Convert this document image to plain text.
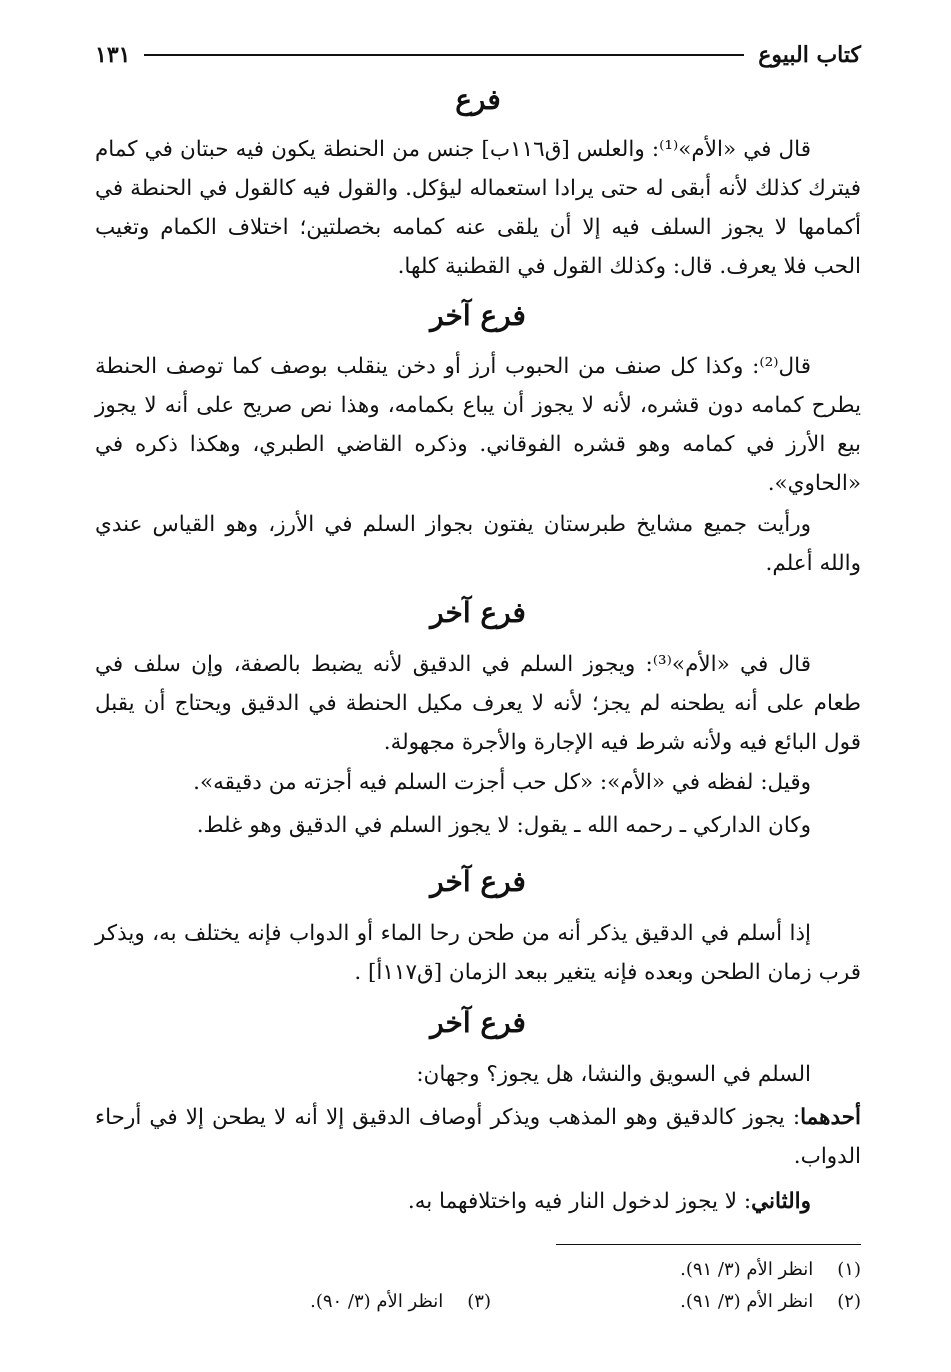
كتاب البيوع
١٣١
فرع

قال في «الأم»⁽¹⁾: والعلس [ق١١٦ب] جنس من الحنطة يكون فيه حبتان في كمام فيترك كذلك لأنه أبقى له حتى يرادا استعماله ليؤكل. والقول فيه كالقول في الحنطة في أكمامها لا يجوز السلف فيه إلا أن يلقى عنه كمامه بخصلتين؛ اختلاف الكمام وتغيب الحب فلا يعرف. قال: وكذلك القول في القطنية كلها.

فرع آخر

قال⁽²⁾: وكذا كل صنف من الحبوب أرز أو دخن ينقلب بوصف كما توصف الحنطة يطرح كمامه دون قشره، لأنه لا يجوز أن يباع بكمامه، وهذا نص صريح على أنه لا يجوز بيع الأرز في كمامه وهو قشره الفوقاني. وذكره القاضي الطبري، وهكذا ذكره في «الحاوي».

ورأيت جميع مشايخ طبرستان يفتون بجواز السلم في الأرز، وهو القياس عندي والله أعلم.

فرع آخر

قال في «الأم»⁽³⁾: ويجوز السلم في الدقيق لأنه يضبط بالصفة، وإن سلف في طعام على أنه يطحنه لم يجز؛ لأنه لا يعرف مكيل الحنطة في الدقيق ويحتاج أن يقبل قول البائع فيه ولأنه شرط فيه الإجارة والأجرة مجهولة.

وقيل: لفظه في «الأم»: «كل حب أجزت السلم فيه أجزته من دقيقه».

وكان الداركي ـ رحمه الله ـ يقول: لا يجوز السلم في الدقيق وهو غلط.

فرع آخر

إذا أسلم في الدقيق يذكر أنه من طحن رحا الماء أو الدواب فإنه يختلف به، ويذكر قرب زمان الطحن وبعده فإنه يتغير ببعد الزمان [ق١١٧أ] .

فرع آخر

السلم في السويق والنشا، هل يجوز؟ وجهان:

أحدهما: يجوز كالدقيق وهو المذهب ويذكر أوصاف الدقيق إلا أنه لا يطحن إلا في أرحاء الدواب.

والثاني: لا يجوز لدخول النار فيه واختلافهما به.

(١)انظر الأم (٣/ ٩١).
(٢)انظر الأم (٣/ ٩١).
(٣)انظر الأم (٣/ ٩٠).
